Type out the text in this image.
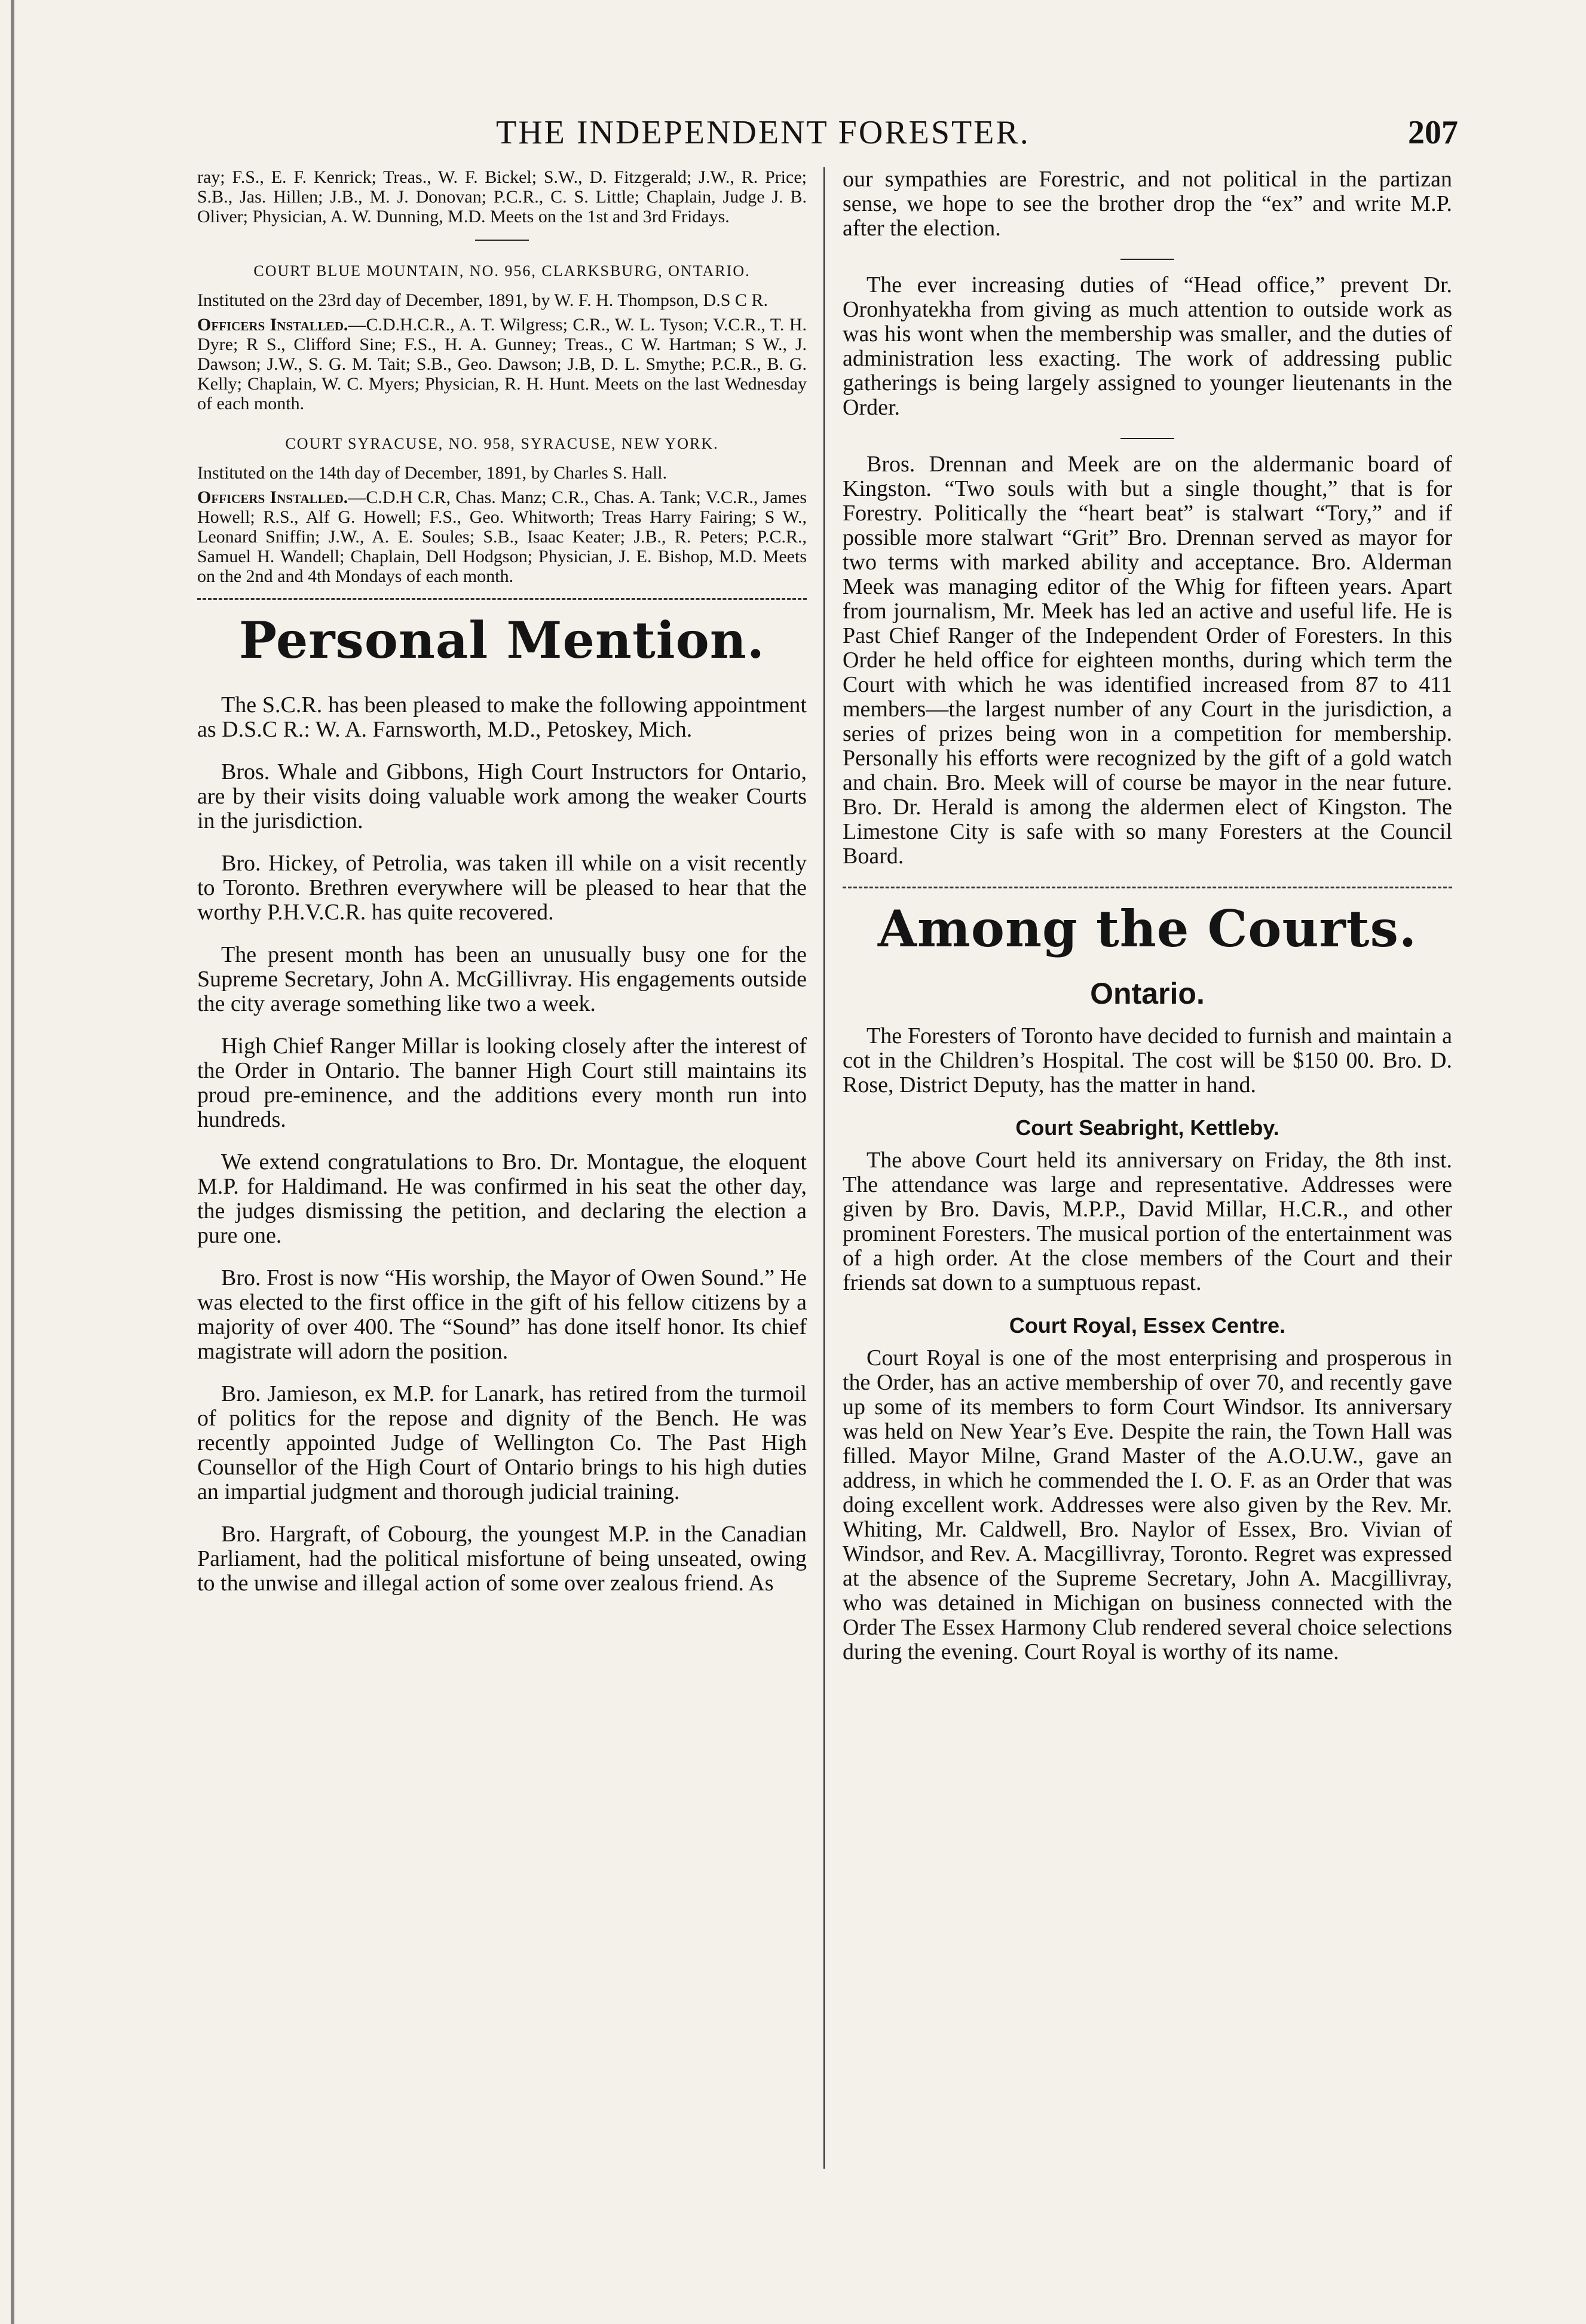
THE INDEPENDENT FORESTER.	207

ray; F.S., E. F. Kenrick; Treas., W. F. Bickel; S.W., D. Fitzgerald; J.W., R. Price; S.B., Jas. Hillen; J.B., M. J. Donovan; P.C.R., C. S. Little; Chaplain, Judge J. B. Oliver; Physician, A. W. Dunning, M.D. Meets on the 1st and 3rd Fridays.

COURT BLUE MOUNTAIN, NO. 956, CLARKSBURG, ONTARIO.

Instituted on the 23rd day of December, 1891, by W. F. H. Thompson, D.S C R.

Officers Installed.—C.D.H.C.R., A. T. Wilgress; C.R., W. L. Tyson; V.C.R., T. H. Dyre; R S., Clifford Sine; F.S., H. A. Gunney; Treas., C W. Hartman; S W., J. Dawson; J.W., S. G. M. Tait; S.B., Geo. Dawson; J.B, D. L. Smythe; P.C.R., B. G. Kelly; Chaplain, W. C. Myers; Physician, R. H. Hunt. Meets on the last Wednesday of each month.

COURT SYRACUSE, NO. 958, SYRACUSE, NEW YORK.

Instituted on the 14th day of December, 1891, by Charles S. Hall.

Officers Installed.—C.D.H C.R, Chas. Manz; C.R., Chas. A. Tank; V.C.R., James Howell; R.S., Alf G. Howell; F.S., Geo. Whitworth; Treas Harry Fairing; S W., Leonard Sniffin; J.W., A. E. Soules; S.B., Isaac Keater; J.B., R. Peters; P.C.R., Samuel H. Wandell; Chaplain, Dell Hodgson; Physician, J. E. Bishop, M.D. Meets on the 2nd and 4th Mondays of each month.

Personal Mention.

The S.C.R. has been pleased to make the following appointment as D.S.C R.: W. A. Farnsworth, M.D., Petoskey, Mich.

Bros. Whale and Gibbons, High Court Instructors for Ontario, are by their visits doing valuable work among the weaker Courts in the jurisdiction.

Bro. Hickey, of Petrolia, was taken ill while on a visit recently to Toronto. Brethren everywhere will be pleased to hear that the worthy P.H.V.C.R. has quite recovered.

The present month has been an unusually busy one for the Supreme Secretary, John A. McGillivray. His engagements outside the city average something like two a week.

High Chief Ranger Millar is looking closely after the interest of the Order in Ontario. The banner High Court still maintains its proud pre-eminence, and the additions every month run into hundreds.

We extend congratulations to Bro. Dr. Montague, the eloquent M.P. for Haldimand. He was confirmed in his seat the other day, the judges dismissing the petition, and declaring the election a pure one.

Bro. Frost is now “His worship, the Mayor of Owen Sound.” He was elected to the first office in the gift of his fellow citizens by a majority of over 400. The “Sound” has done itself honor. Its chief magistrate will adorn the position.

Bro. Jamieson, ex M.P. for Lanark, has retired from the turmoil of politics for the repose and dignity of the Bench. He was recently appointed Judge of Wellington Co. The Past High Counsellor of the High Court of Ontario brings to his high duties an impartial judgment and thorough judicial training.

Bro. Hargraft, of Cobourg, the youngest M.P. in the Canadian Parliament, had the political misfortune of being unseated, owing to the unwise and illegal action of some over zealous friend. As

our sympathies are Forestric, and not political in the partizan sense, we hope to see the brother drop the “ex” and write M.P. after the election.

The ever increasing duties of “Head office,” prevent Dr. Oronhyatekha from giving as much attention to outside work as was his wont when the membership was smaller, and the duties of administration less exacting. The work of addressing public gatherings is being largely assigned to younger lieutenants in the Order.

Bros. Drennan and Meek are on the aldermanic board of Kingston. “Two souls with but a single thought,” that is for Forestry. Politically the “heart beat” is stalwart “Tory,” and if possible more stalwart “Grit” Bro. Drennan served as mayor for two terms with marked ability and acceptance. Bro. Alderman Meek was managing editor of the Whig for fifteen years. Apart from journalism, Mr. Meek has led an active and useful life. He is Past Chief Ranger of the Independent Order of Foresters. In this Order he held office for eighteen months, during which term the Court with which he was identified increased from 87 to 411 members—the largest number of any Court in the jurisdiction, a series of prizes being won in a competition for membership. Personally his efforts were recognized by the gift of a gold watch and chain. Bro. Meek will of course be mayor in the near future. Bro. Dr. Herald is among the aldermen elect of Kingston. The Limestone City is safe with so many Foresters at the Council Board.

Among the Courts.
Ontario.

The Foresters of Toronto have decided to furnish and maintain a cot in the Children’s Hospital. The cost will be $150 00. Bro. D. Rose, District Deputy, has the matter in hand.

Court Seabright, Kettleby.

The above Court held its anniversary on Friday, the 8th inst. The attendance was large and representative. Addresses were given by Bro. Davis, M.P.P., David Millar, H.C.R., and other prominent Foresters. The musical portion of the entertainment was of a high order. At the close members of the Court and their friends sat down to a sumptuous repast.

Court Royal, Essex Centre.

Court Royal is one of the most enterprising and prosperous in the Order, has an active membership of over 70, and recently gave up some of its members to form Court Windsor. Its anniversary was held on New Year’s Eve. Despite the rain, the Town Hall was filled. Mayor Milne, Grand Master of the A.O.U.W., gave an address, in which he commended the I. O. F. as an Order that was doing excellent work. Addresses were also given by the Rev. Mr. Whiting, Mr. Caldwell, Bro. Naylor of Essex, Bro. Vivian of Windsor, and Rev. A. Macgillivray, Toronto. Regret was expressed at the absence of the Supreme Secretary, John A. Macgillivray, who was detained in Michigan on business connected with the Order The Essex Harmony Club rendered several choice selections during the evening. Court Royal is worthy of its name.
